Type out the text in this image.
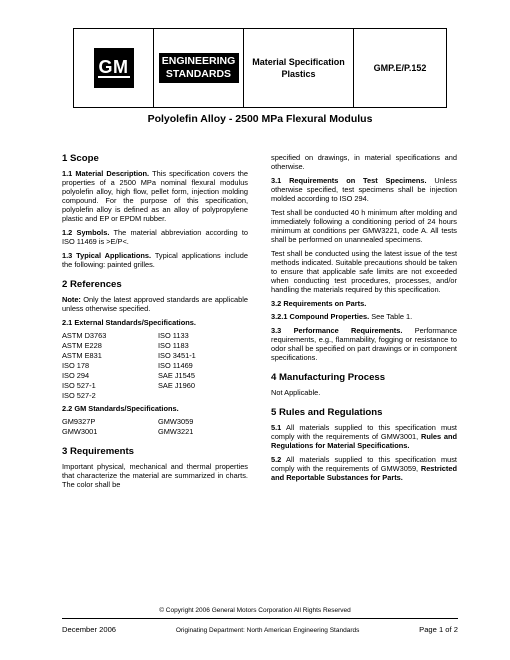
GM	ENGINEERING
STANDARDS
Material Specification
Plastics
GMP.E/P.152
Polyolefin Alloy - 2500 MPa Flexural Modulus
1 Scope

1.1 Material Description. This specification covers the properties of a 2500 MPa nominal flexural modulus polyolefin alloy, high flow, pellet form, injection molding compound. For the purpose of this specification, polyolefin alloy is defined as an alloy of polypropylene plastic and EP or EPDM rubber.

1.2 Symbols. The material abbreviation according to ISO 11469 is >E/P<.

1.3 Typical Applications. Typical applications include the following: painted grilles.

2 References

Note: Only the latest approved standards are applicable unless otherwise specified.

2.1 External Standards/Specifications.
ASTM D3763	ISO 1133
ASTM E228	ISO 1183
ASTM E831	ISO 3451-1
ISO 178	ISO 11469
ISO 294	SAE J1545
ISO 527-1	SAE J1960
ISO 527-2
2.2 GM Standards/Specifications.
GM9327P	GMW3059
GMW3001	GMW3221
3 Requirements

Important physical, mechanical and thermal properties that characterize the material are summarized in charts. The color shall be

specified on drawings, in material specifications and otherwise.

3.1 Requirements on Test Specimens. Unless otherwise specified, test specimens shall be injection molded according to ISO 294.

Test shall be conducted 40 h minimum after molding and immediately following a conditioning period of 24 hours minimum at conditions per GMW3221, code A. All tests shall be performed on unannealed specimens.

Test shall be conducted using the latest issue of the test methods indicated. Suitable precautions should be taken to ensure that applicable safe limits are not exceeded when conducting test procedures, processes, and/or handling the materials required by this specification.

3.2 Requirements on Parts.

3.2.1 Compound Properties. See Table 1.

3.3 Performance Requirements. Performance requirements, e.g., flammability, fogging or resistance to odor shall be specified on part drawings or in component specifications.

4 Manufacturing Process

Not Applicable.

5 Rules and Regulations

5.1 All materials supplied to this specification must comply with the requirements of GMW3001, Rules and Regulations for Material Specifications.

5.2 All materials supplied to this specification must comply with the requirements of GMW3059, Restricted and Reportable Substances for Parts.

© Copyright 2006 General Motors Corporation All Rights Reserved
December 2006	Originating Department: North American Engineering Standards	Page 1 of 2
